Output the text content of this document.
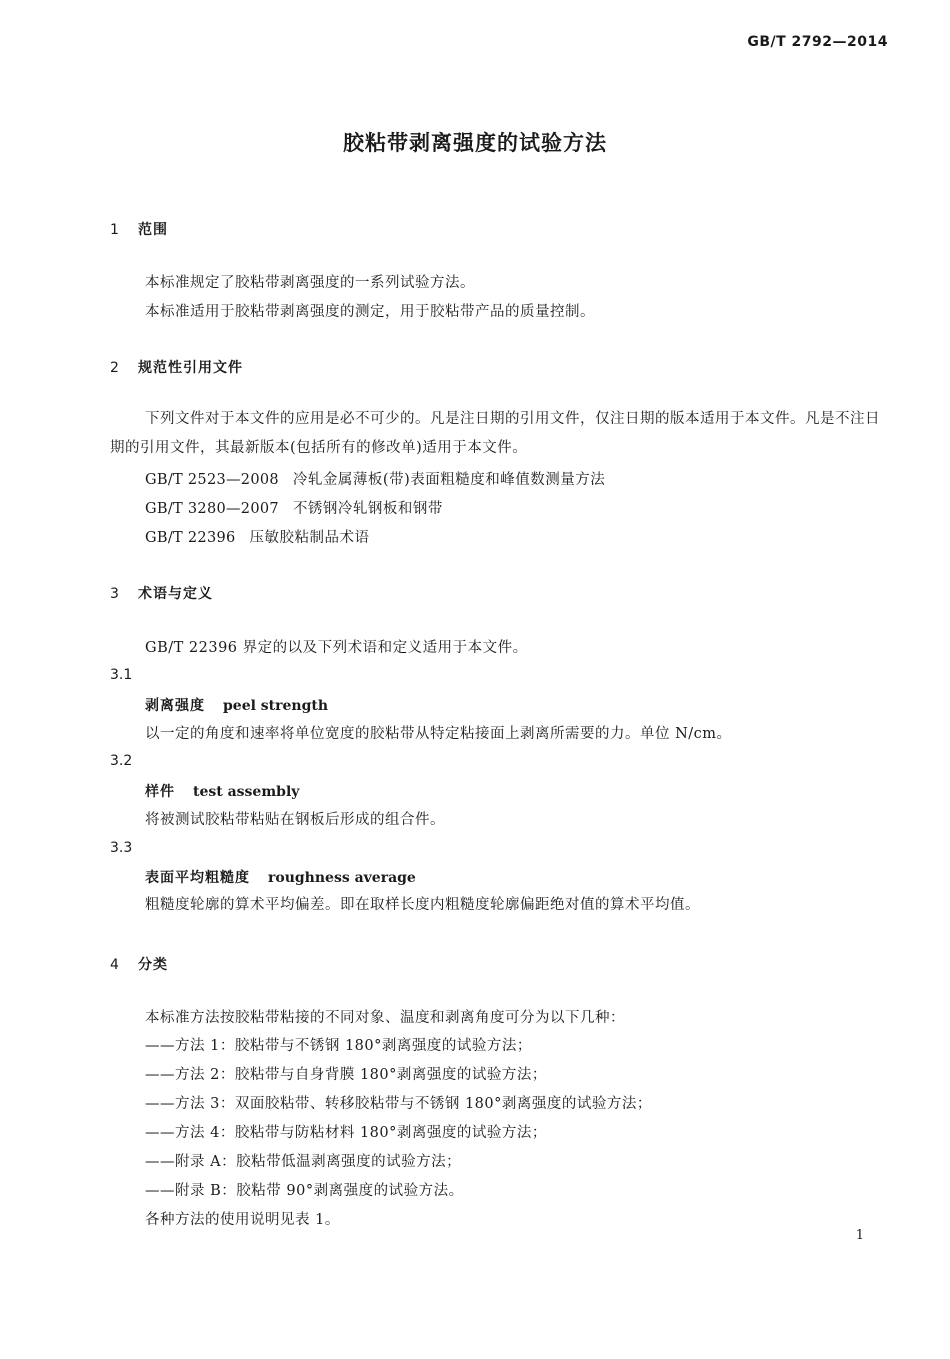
GB/T 2792—2014
胶粘带剥离强度的试验方法
1 范围
本标准规定了胶粘带剥离强度的一系列试验方法。
本标准适用于胶粘带剥离强度的测定，用于胶粘带产品的质量控制。
2 规范性引用文件
下列文件对于本文件的应用是必不可少的。凡是注日期的引用文件，仅注日期的版本适用于本文件。凡是不注日期的引用文件，其最新版本(包括所有的修改单)适用于本文件。
GB/T 2523—2008 冷轧金属薄板(带)表面粗糙度和峰值数测量方法
GB/T 3280—2007 不锈钢冷轧钢板和钢带
GB/T 22396 压敏胶粘制品术语
3 术语与定义
GB/T 22396 界定的以及下列术语和定义适用于本文件。
3.1
剥离强度 peel strength
以一定的角度和速率将单位宽度的胶粘带从特定粘接面上剥离所需要的力。单位 N/cm。
3.2
样件 test assembly
将被测试胶粘带粘贴在钢板后形成的组合件。
3.3
表面平均粗糙度 roughness average
粗糙度轮廓的算术平均偏差。即在取样长度内粗糙度轮廓偏距绝对值的算术平均值。
4 分类
本标准方法按胶粘带粘接的不同对象、温度和剥离角度可分为以下几种：
——方法 1：胶粘带与不锈钢 180°剥离强度的试验方法；
——方法 2：胶粘带与自身背膜 180°剥离强度的试验方法；
——方法 3：双面胶粘带、转移胶粘带与不锈钢 180°剥离强度的试验方法；
——方法 4：胶粘带与防粘材料 180°剥离强度的试验方法；
——附录 A：胶粘带低温剥离强度的试验方法；
——附录 B：胶粘带 90°剥离强度的试验方法。
各种方法的使用说明见表 1。
1
